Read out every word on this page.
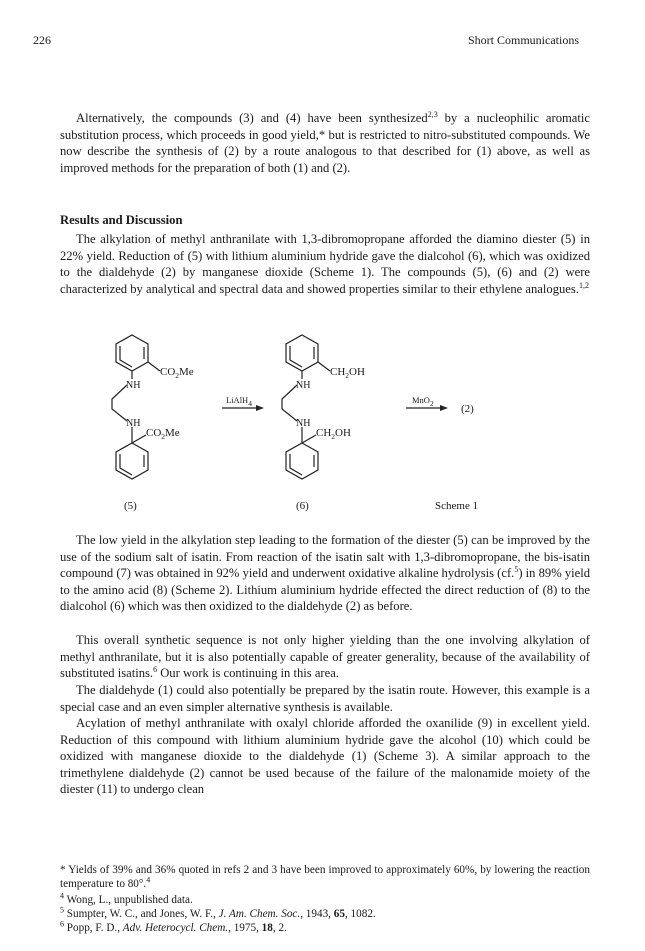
226	Short Communications

Alternatively, the compounds (3) and (4) have been synthesized$^{2,3}$ by a nucleophilic aromatic substitution process, which proceeds in good yield,* but is restricted to nitro-substituted compounds. We now describe the synthesis of (2) by a route analogous to that described for (1) above, as well as improved methods for the preparation of both (1) and (2).

Results and Discussion

The alkylation of methyl anthranilate with 1,3-dibromopropane afforded the diamino diester (5) in 22% yield. Reduction of (5) with lithium aluminium hydride gave the dialcohol (6), which was oxidized to the dialdehyde (2) by manganese dioxide (Scheme 1). The compounds (5), (6) and (2) were characterized by analytical and spectral data and showed properties similar to their ethylene analogues.$^{1,2}$

$CO_2Me$
NH
NH
$CO_2Me$
$CH_2OH$
NH
NH
$CH_2OH$
LiAlH4	MnO2 (2)
(5)	(6)	Scheme 1

The low yield in the alkylation step leading to the formation of the diester (5) can be improved by the use of the sodium salt of isatin. From reaction of the isatin salt with 1,3-dibromopropane, the bis-isatin compound (7) was obtained in 92% yield and underwent oxidative alkaline hydrolysis (cf.$^5$) in 89% yield to the amino acid (8) (Scheme 2). Lithium aluminium hydride effected the direct reduction of (8) to the dialcohol (6) which was then oxidized to the dialdehyde (2) as before.

This overall synthetic sequence is not only higher yielding than the one involving alkylation of methyl anthranilate, but it is also potentially capable of greater generality, because of the availability of substituted isatins.$^6$ Our work is continuing in this area.

The dialdehyde (1) could also potentially be prepared by the isatin route. However, this example is a special case and an even simpler alternative synthesis is available.

Acylation of methyl anthranilate with oxalyl chloride afforded the oxanilide (9) in excellent yield. Reduction of this compound with lithium aluminium hydride gave the alcohol (10) which could be oxidized with manganese dioxide to the dialdehyde (1) (Scheme 3). A similar approach to the trimethylene dialdehyde (2) cannot be used because of the failure of the malonamide moiety of the diester (11) to undergo clean

* Yields of 39% and 36% quoted in refs 2 and 3 have been improved to approximately 60%, by lowering the reaction temperature to 80°.$^4$
$^4$ Wong, L., unpublished data.
$^5$ Sumpter, W. C., and Jones, W. F., J. Am. Chem. Soc., 1943, 65, 1082.
$^6$ Popp, F. D., Adv. Heterocycl. Chem., 1975, 18, 2.
